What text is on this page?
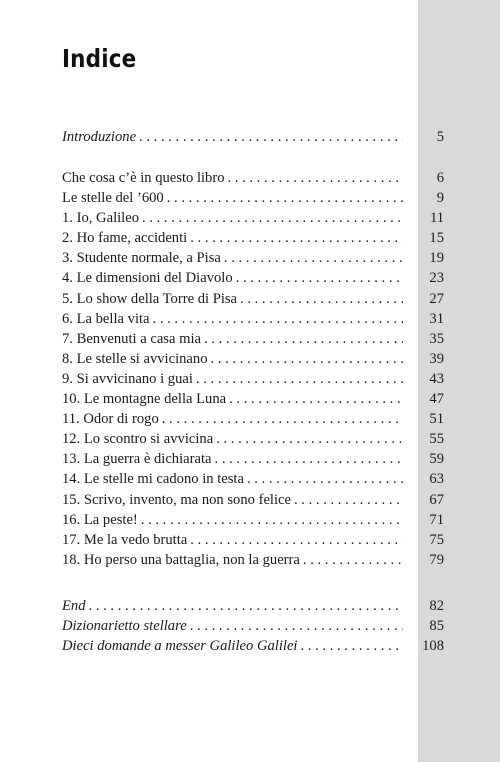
Indice
Introduzione . . .	5
Che cosa c’è in questo libro . . .	6
Le stelle del ’600 . . .	9
1. Io, Galileo . . .	11
2. Ho fame, accidenti . . .	15
3. Studente normale, a Pisa . . .	19
4. Le dimensioni del Diavolo . . .	23
5. Lo show della Torre di Pisa . . .	27
6. La bella vita . . .	31
7. Benvenuti a casa mia . . .	35
8. Le stelle si avvicinano . . .	39
9. Si avvicinano i guai . . .	43
10. Le montagne della Luna . . .	47
11. Odor di rogo . . .	51
12. Lo scontro si avvicina . . .	55
13. La guerra è dichiarata . . .	59
14. Le stelle mi cadono in testa . . .	63
15. Scrivo, invento, ma non sono felice . . .	67
16. La peste! . . .	71
17. Me la vedo brutta . . .	75
18. Ho perso una battaglia, non la guerra . . .	79
End . . .	82
Dizionarietto stellare . . .	85
Dieci domande a messer Galileo Galilei . . .	108
